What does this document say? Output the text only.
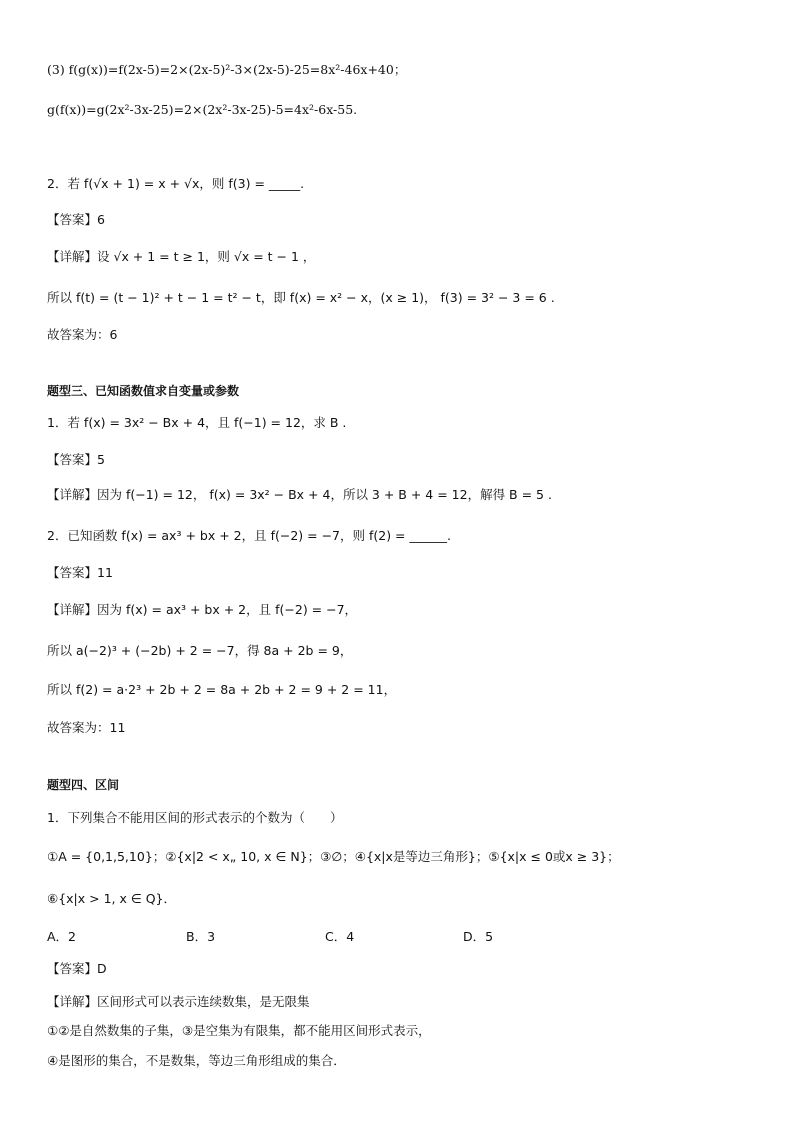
(3) f(g(x))=f(2x-5)=2×(2x-5)²-3×(2x-5)-25=8x²-46x+40；
g(f(x))=g(2x²-3x-25)=2×(2x²-3x-25)-5=4x²-6x-55.
2．若 f(√x + 1) = x + √x，则 f(3) = _____.
【答案】6
【详解】设 √x + 1 = t ≥ 1，则 √x = t − 1 ，
所以 f(t) = (t − 1)² + t − 1 = t² − t，即 f(x) = x² − x，(x ≥ 1)， f(3) = 3² − 3 = 6 .
故答案为：6
题型三、已知函数值求自变量或参数
1．若 f(x) = 3x² − Bx + 4，且 f(−1) = 12，求 B .
【答案】5
【详解】因为 f(−1) = 12， f(x) = 3x² − Bx + 4，所以 3 + B + 4 = 12，解得 B = 5 .
2．已知函数 f(x) = ax³ + bx + 2，且 f(−2) = −7，则 f(2) = ______.
【答案】11
【详解】因为 f(x) = ax³ + bx + 2，且 f(−2) = −7，
所以 a(−2)³ + (−2b) + 2 = −7，得 8a + 2b = 9，
所以 f(2) = a·2³ + 2b + 2 = 8a + 2b + 2 = 9 + 2 = 11，
故答案为：11
题型四、区间
1．下列集合不能用区间的形式表示的个数为（　　）
①A = {0,1,5,10}；②{x|2 < x„ 10, x ∈ N}；③∅；④{x|x是等边三角形}；⑤{x|x ≤ 0或x ≥ 3}；
⑥{x|x > 1, x ∈ Q}．
A．2	B．3	C．4	D．5
【答案】D
【详解】区间形式可以表示连续数集，是无限集
①②是自然数集的子集，③是空集为有限集，都不能用区间形式表示，
④是图形的集合，不是数集，等边三角形组成的集合．
